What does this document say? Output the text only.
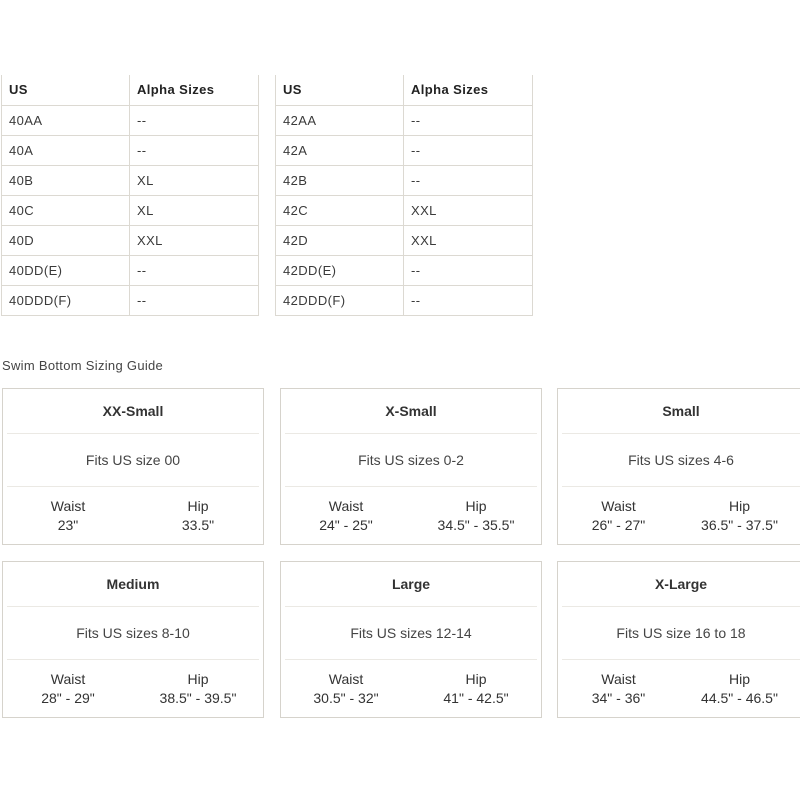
US	Alpha Sizes
40AA	--
40A	--
40B	XL
40C	XL
40D	XXL
40DD(E)	--
40DDD(F)	--
US	Alpha Sizes
42AA	--
42A	--
42B	--
42C	XXL
42D	XXL
42DD(E)	--
42DDD(F)	--
Swim Bottom Sizing Guide
XX-Small
Fits US size 00
Waist
23"
Hip
33.5"
X-Small
Fits US sizes 0-2
Waist
24" - 25"
Hip
34.5" - 35.5"
Small
Fits US sizes 4-6
Waist
26" - 27"
Hip
36.5" - 37.5"
Medium
Fits US sizes 8-10
Waist
28" - 29"
Hip
38.5" - 39.5"
Large
Fits US sizes 12-14
Waist
30.5" - 32"
Hip
41" - 42.5"
X-Large
Fits US size 16 to 18
Waist
34" - 36"
Hip
44.5" - 46.5"
